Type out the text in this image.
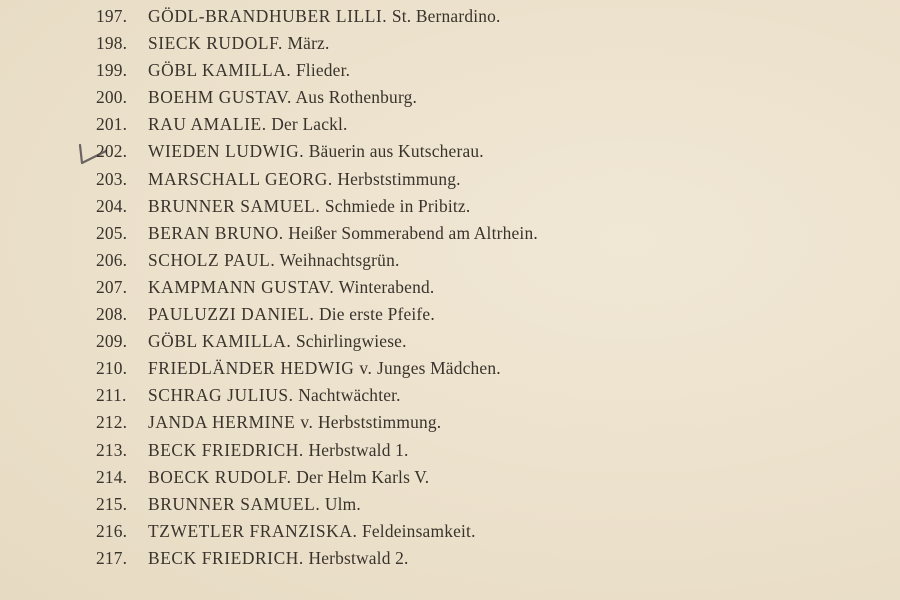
197. GÖDL-BRANDHUBER LILLI. St. Bernardino.
198. SIECK RUDOLF. März.
199. GÖBL KAMILLA. Flieder.
200. BOEHM GUSTAV. Aus Rothenburg.
201. RAU AMALIE. Der Lackl.
202. WIEDEN LUDWIG. Bäuerin aus Kutscherau.
203. MARSCHALL GEORG. Herbststimmung.
204. BRUNNER SAMUEL. Schmiede in Pribitz.
205. BERAN BRUNO. Heißer Sommerabend am Altrhein.
206. SCHOLZ PAUL. Weihnachtsgrün.
207. KAMPMANN GUSTAV. Winterabend.
208. PAULUZZI DANIEL. Die erste Pfeife.
209. GÖBL KAMILLA. Schirlingwiese.
210. FRIEDLÄNDER HEDWIG v. Junges Mädchen.
211. SCHRAG JULIUS. Nachtwächter.
212. JANDA HERMINE v. Herbststimmung.
213. BECK FRIEDRICH. Herbstwald 1.
214. BOECK RUDOLF. Der Helm Karls V.
215. BRUNNER SAMUEL. Ulm.
216. TZWETLER FRANZISKA. Feldeinsamkeit.
217. BECK FRIEDRICH. Herbstwald 2.
